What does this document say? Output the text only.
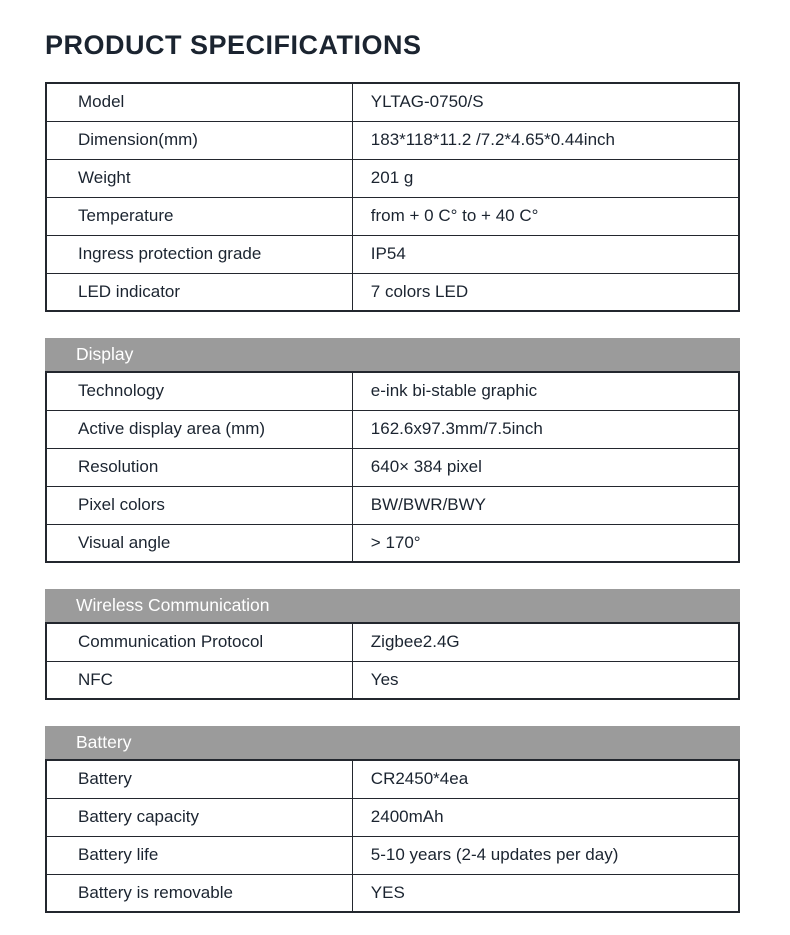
PRODUCT SPECIFICATIONS
Model	YLTAG-0750/S
Dimension(mm)	183*118*11.2 /7.2*4.65*0.44inch
Weight	201 g
Temperature	from + 0 C° to + 40 C°
Ingress protection grade	IP54
LED indicator	7 colors LED
Display
Technology	e-ink bi-stable graphic
Active display area (mm)	162.6x97.3mm/7.5inch
Resolution	640× 384 pixel
Pixel colors	BW/BWR/BWY
Visual angle	> 170°
Wireless Communication
Communication Protocol	Zigbee2.4G
NFC	Yes
Battery
Battery	CR2450*4ea
Battery capacity	2400mAh
Battery life	5-10 years (2-4 updates per day)
Battery is removable	YES
